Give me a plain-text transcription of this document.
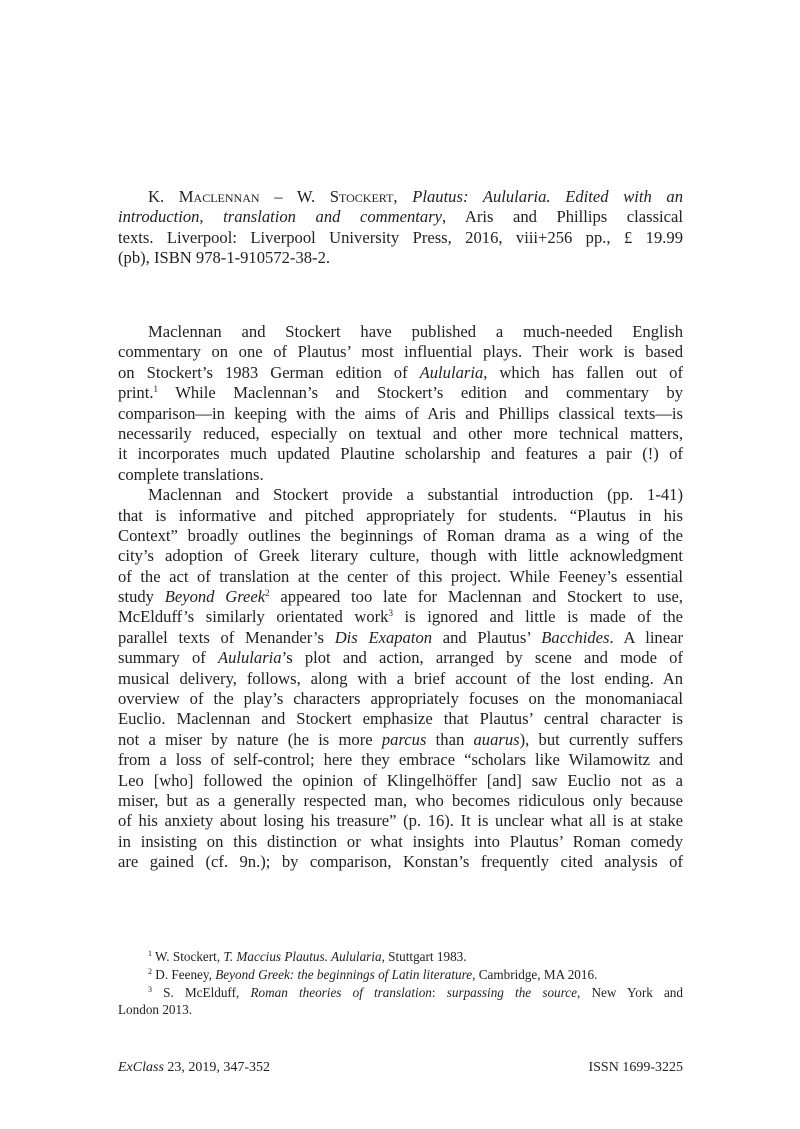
K. Maclennan – W. Stockert, Plautus: Aulularia. Edited with an
introduction, translation and commentary, Aris and Phillips classical
texts. Liverpool: Liverpool University Press, 2016, viii+256 pp., £ 19.99
(pb), ISBN 978-1-910572-38-2.
Maclennan and Stockert have published a much-needed English
commentary on one of Plautus’ most influential plays. Their work is based
on Stockert’s 1983 German edition of Aulularia, which has fallen out of
print.$^1$ While Maclennan’s and Stockert’s edition and commentary by
comparison—in keeping with the aims of Aris and Phillips classical texts—is
necessarily reduced, especially on textual and other more technical matters,
it incorporates much updated Plautine scholarship and features a pair (!) of
complete translations.
Maclennan and Stockert provide a substantial introduction (pp. 1-41)
that is informative and pitched appropriately for students. “Plautus in his
Context” broadly outlines the beginnings of Roman drama as a wing of the
city’s adoption of Greek literary culture, though with little acknowledgment
of the act of translation at the center of this project. While Feeney’s essential
study Beyond Greek$^2$ appeared too late for Maclennan and Stockert to use,
McElduff’s similarly orientated work$^3$ is ignored and little is made of the
parallel texts of Menander’s Dis Exapaton and Plautus’ Bacchides. A linear
summary of Aulularia’s plot and action, arranged by scene and mode of
musical delivery, follows, along with a brief account of the lost ending. An
overview of the play’s characters appropriately focuses on the monomaniacal
Euclio. Maclennan and Stockert emphasize that Plautus’ central character is
not a miser by nature (he is more parcus than auarus), but currently suffers
from a loss of self-control; here they embrace “scholars like Wilamowitz and
Leo [who] followed the opinion of Klingelhöffer [and] saw Euclio not as a
miser, but as a generally respected man, who becomes ridiculous only because
of his anxiety about losing his treasure” (p. 16). It is unclear what all is at stake
in insisting on this distinction or what insights into Plautus’ Roman comedy
are gained (cf. 9n.); by comparison, Konstan’s frequently cited analysis of
$^1$ W. Stockert, T. Maccius Plautus. Aulularia, Stuttgart 1983.
$^2$ D. Feeney, Beyond Greek: the beginnings of Latin literature, Cambridge, MA 2016.
$^3$ S. McElduff, Roman theories of translation: surpassing the source, New York and
London 2013.
ExClass 23, 2019, 347-352	ISSN 1699-3225
